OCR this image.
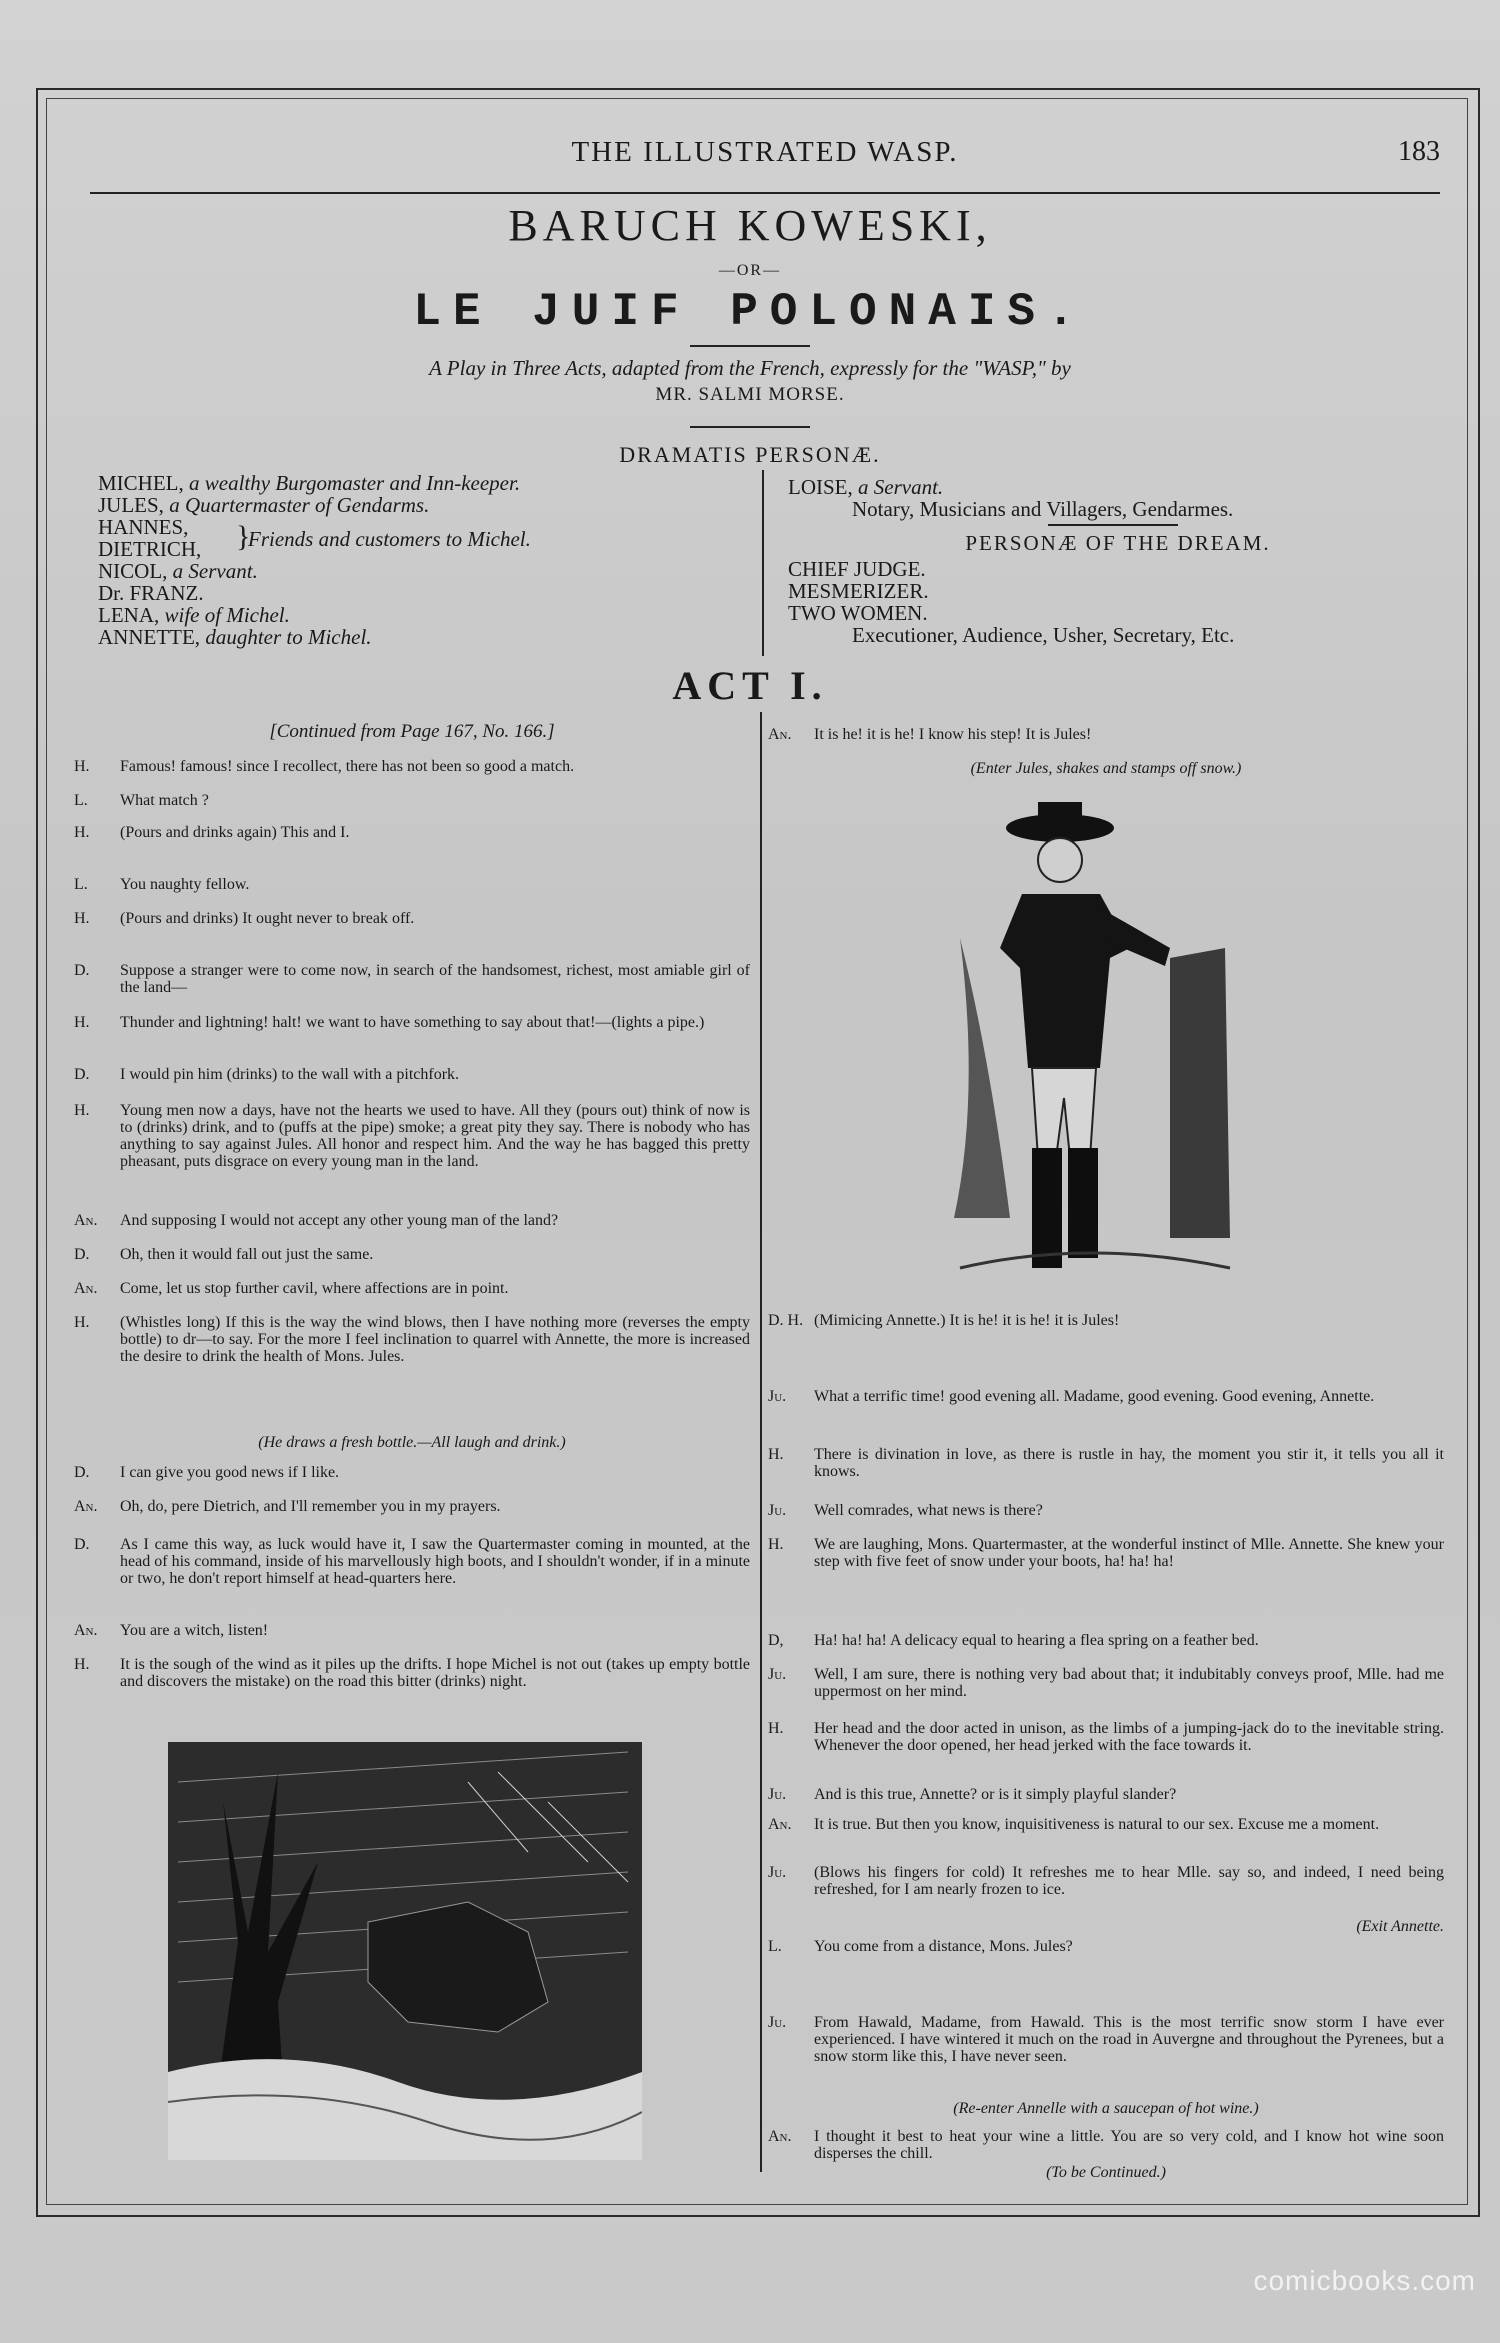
THE ILLUSTRATED WASP.	183
BARUCH KOWESKI,
—OR—
LE JUIF POLONAIS.
A Play in Three Acts, adapted from the French, expressly for the "WASP," by
MR. SALMI MORSE.
DRAMATIS PERSONÆ.
MICHEL, a wealthy Burgomaster and Inn-keeper.
JULES, a Quartermaster of Gendarms.
HANNES,
DIETRICH, }
Friends and customers to Michel.
NICOL, a Servant.
Dr. FRANZ.
LENA, wife of Michel.
ANNETTE, daughter to Michel.
LOISE, a Servant.
Notary, Musicians and Villagers, Gendarmes.
PERSONÆ OF THE DREAM.
CHIEF JUDGE.
MESMERIZER.
TWO WOMEN.
Executioner, Audience, Usher, Secretary, Etc.
ACT I.
[Continued from Page 167, No. 166.]
H.	Famous! famous! since I recollect, there has not been so good a match.
L.	What match ?
H.	(Pours and drinks again) This and I.
L.	You naughty fellow.
H.	(Pours and drinks) It ought never to break off.
D.	Suppose a stranger were to come now, in search of the handsomest, richest, most amiable girl of the land—
H.	Thunder and lightning! halt! we want to have something to say about that!—(lights a pipe.)
D.	I would pin him (drinks) to the wall with a pitchfork.
H.	Young men now a days, have not the hearts we used to have. All they (pours out) think of now is to (drinks) drink, and to (puffs at the pipe) smoke; a great pity they say. There is nobody who has anything to say against Jules. All honor and respect him. And the way he has bagged this pretty pheasant, puts disgrace on every young man in the land.
An.	And supposing I would not accept any other young man of the land?
D.	Oh, then it would fall out just the same.
An.	Come, let us stop further cavil, where affections are in point.
H.	(Whistles long) If this is the way the wind blows, then I have nothing more (reverses the empty bottle) to dr—to say. For the more I feel inclination to quarrel with Annette, the more is increased the desire to drink the health of Mons. Jules.
(He draws a fresh bottle.—All laugh and drink.)
D.	I can give you good news if I like.
An.	Oh, do, pere Dietrich, and I'll remember you in my prayers.
D.	As I came this way, as luck would have it, I saw the Quartermaster coming in mounted, at the head of his command, inside of his marvellously high boots, and I shouldn't wonder, if in a minute or two, he don't report himself at head-quarters here.
An.	You are a witch, listen!
H.	It is the sough of the wind as it piles up the drifts. I hope Michel is not out (takes up empty bottle and discovers the mistake) on the road this bitter (drinks) night.
An.	It is he! it is he! I know his step! It is Jules!
(Enter Jules, shakes and stamps off snow.)
D. H. (Mimicing Annette.) It is he! it is he! it is Jules!
Ju.	What a terrific time! good evening all. Madame, good evening. Good evening, Annette.
H.	There is divination in love, as there is rustle in hay, the moment you stir it, it tells you all it knows.
Ju.	Well comrades, what news is there?
H.	We are laughing, Mons. Quartermaster, at the wonderful instinct of Mlle. Annette. She knew your step with five feet of snow under your boots, ha! ha! ha!
D,	Ha! ha! ha! A delicacy equal to hearing a flea spring on a feather bed.
Ju.	Well, I am sure, there is nothing very bad about that; it indubitably conveys proof, Mlle. had me uppermost on her mind.
H.	Her head and the door acted in unison, as the limbs of a jumping-jack do to the inevitable string. Whenever the door opened, her head jerked with the face towards it.
Ju.	And is this true, Annette? or is it simply playful slander?
An.	It is true. But then you know, inquisitiveness is natural to our sex. Excuse me a moment.
Ju.	(Blows his fingers for cold) It refreshes me to hear Mlle. say so, and indeed, I need being refreshed, for I am nearly frozen to ice.
(Exit Annette.
L.	You come from a distance, Mons. Jules?
Ju.	From Hawald, Madame, from Hawald. This is the most terrific snow storm I have ever experienced. I have wintered it much on the road in Auvergne and throughout the Pyrenees, but a snow storm like this, I have never seen.
(Re-enter Annelle with a saucepan of hot wine.)
An.	I thought it best to heat your wine a little. You are so very cold, and I know hot wine soon disperses the chill.
(To be Continued.)
comicbooks.com
